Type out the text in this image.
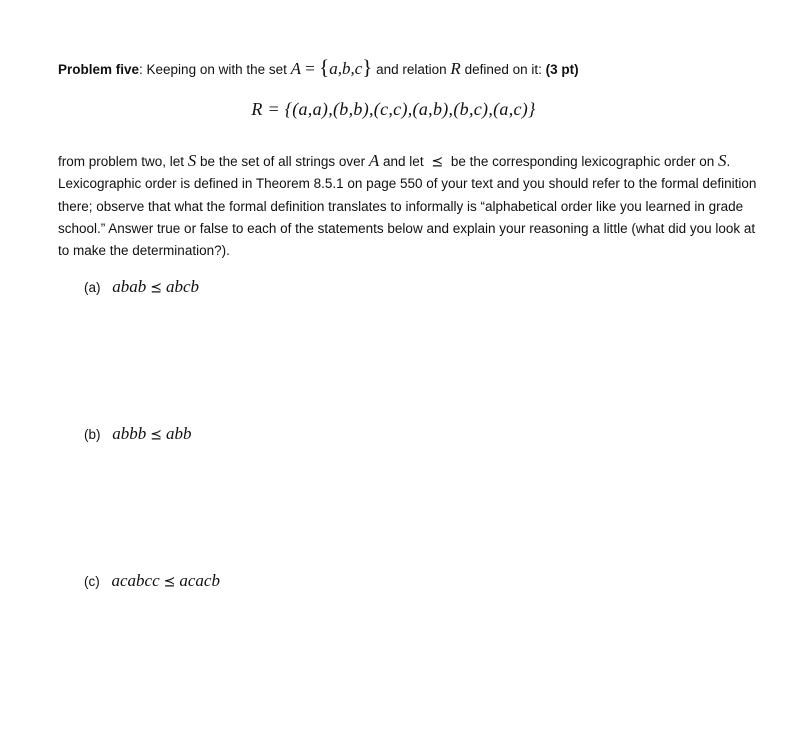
Problem five: Keeping on with the set A = {a,b,c} and relation R defined on it: (3 pt)
R = {(a,a),(b,b),(c,c),(a,b),(b,c),(a,c)}
from problem two, let S be the set of all strings over A and let ⪯ be the corresponding lexicographic order on S. Lexicographic order is defined in Theorem 8.5.1 on page 550 of your text and you should refer to the formal definition there; observe that what the formal definition translates to informally is “alphabetical order like you learned in grade school.” Answer true or false to each of the statements below and explain your reasoning a little (what did you look at to make the determination?).
(a) abab ⪯ abcb
(b) abbb ⪯ abb
(c) acabcc ⪯ acacb
